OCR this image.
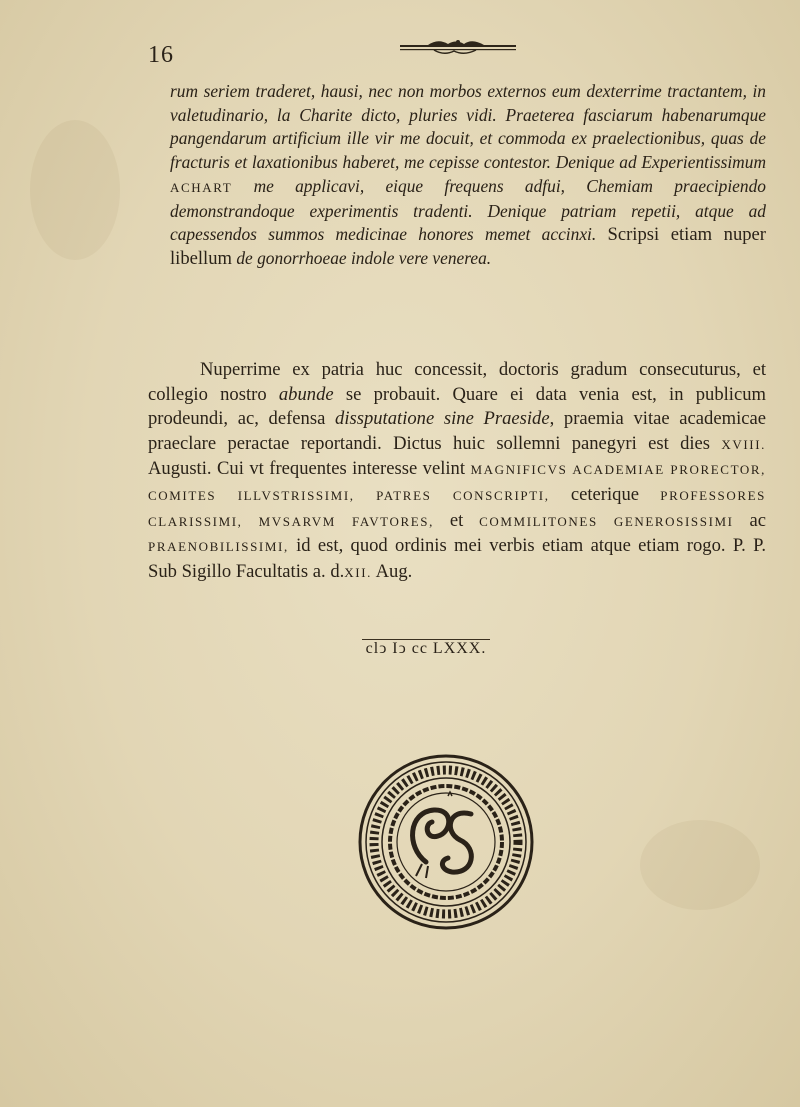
16
rum seriem traderet, hausi, nec non morbos externos eum dexterrime tractantem, in valetudinario, la Charite dicto, pluries vidi. Praeterea fasciarum habenarumque pangendarum artificium ille vir me docuit, et commoda ex praelectionibus, quas de fracturis et laxationibus haberet, me cepisse contestor. Denique ad Experientissimum ACHART me applicavi, eique frequens adfui, Chemiam praecipiendo demonstrandoque experimentis tradenti. Denique patriam repetii, atque ad capessendos summos medicinae honores memet accinxi. Scripsi etiam nuper libellum de gonorrhoeae indole vere venerea.
Nuperrime ex patria huc concessit, doctoris gradum consecuturus, et collegio nostro abunde se probauit. Quare ei data venia est, in publicum prodeundi, ac, defensa dissputatione sine Praeside, praemia vitae academicae praeclare peractae reportandi. Dictus huic sollemni panegyri est dies XVIII. Augusti. Cui vt frequentes interesse velint MAGNIFICVS ACADEMIAE PRORECTOR, COMITES ILLVSTRISSIMI, PATRES CONSCRIPTI, ceterique PROFESSORES CLARISSIMI, MVSARVM FAVTORES, et COMMILITONES GENEROSISSIMI ac PRAENOBILISSIMI, id est, quod ordinis mei verbis etiam atque etiam rogo. P. P. Sub Sigillo Facultatis a. d.XII. Aug.
clↄ Iↄ cc LXXX.
